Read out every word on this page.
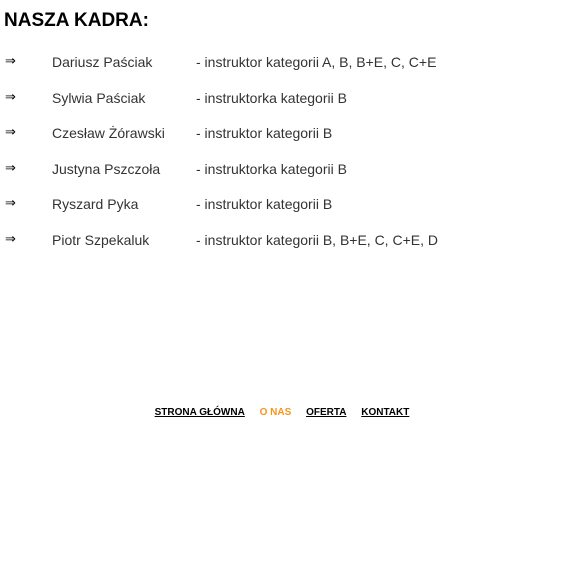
NASZA KADRA:
⇒	Dariusz Paściak	- instruktor kategorii A, B, B+E, C, C+E
⇒	Sylwia Paściak	- instruktorka kategorii B
⇒	Czesław Żórawski - instruktor kategorii B
⇒	Justyna Pszczoła	- instruktorka kategorii B
⇒	Ryszard Pyka	- instruktor kategorii B
⇒	Piotr Szpekaluk	- instruktor kategorii B, B+E, C, C+E, D
STRONA GŁÓWNA O NAS OFERTA KONTAKT
